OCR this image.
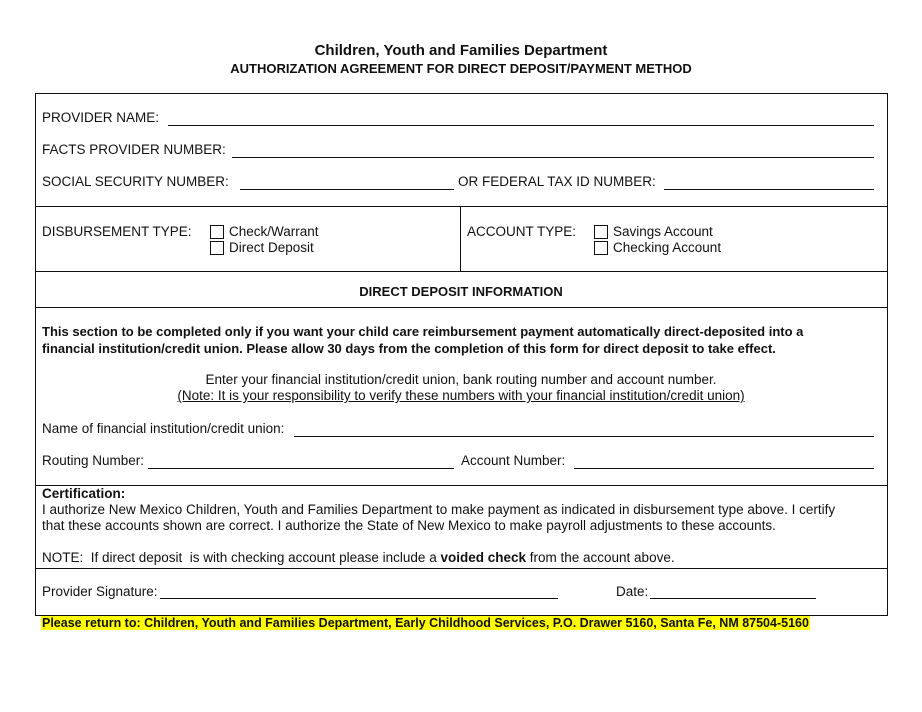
Children, Youth and Families Department
AUTHORIZATION AGREEMENT FOR DIRECT DEPOSIT/PAYMENT METHOD
PROVIDER NAME:
FACTS PROVIDER NUMBER:
SOCIAL SECURITY NUMBER:	OR FEDERAL TAX ID NUMBER:
DISBURSEMENT TYPE:	Check/Warrant
Direct Deposit
ACCOUNT TYPE:	Savings Account
Checking Account
DIRECT DEPOSIT INFORMATION
This section to be completed only if you want your child care reimbursement payment automatically direct-deposited into a
financial institution/credit union. Please allow 30 days from the completion of this form for direct deposit to take effect.
Enter your financial institution/credit union, bank routing number and account number.
(Note: It is your responsibility to verify these numbers with your financial institution/credit union)
Name of financial institution/credit union:
Routing Number:	Account Number:
Certification:
I authorize New Mexico Children, Youth and Families Department to make payment as indicated in disbursement type above. I certify
that these accounts shown are correct. I authorize the State of New Mexico to make payroll adjustments to these accounts.
NOTE:  If direct deposit  is with checking account please include a voided check from the account above.
Provider Signature:	Date:
Please return to: Children, Youth and Families Department, Early Childhood Services, P.O. Drawer 5160, Santa Fe, NM 87504-5160
